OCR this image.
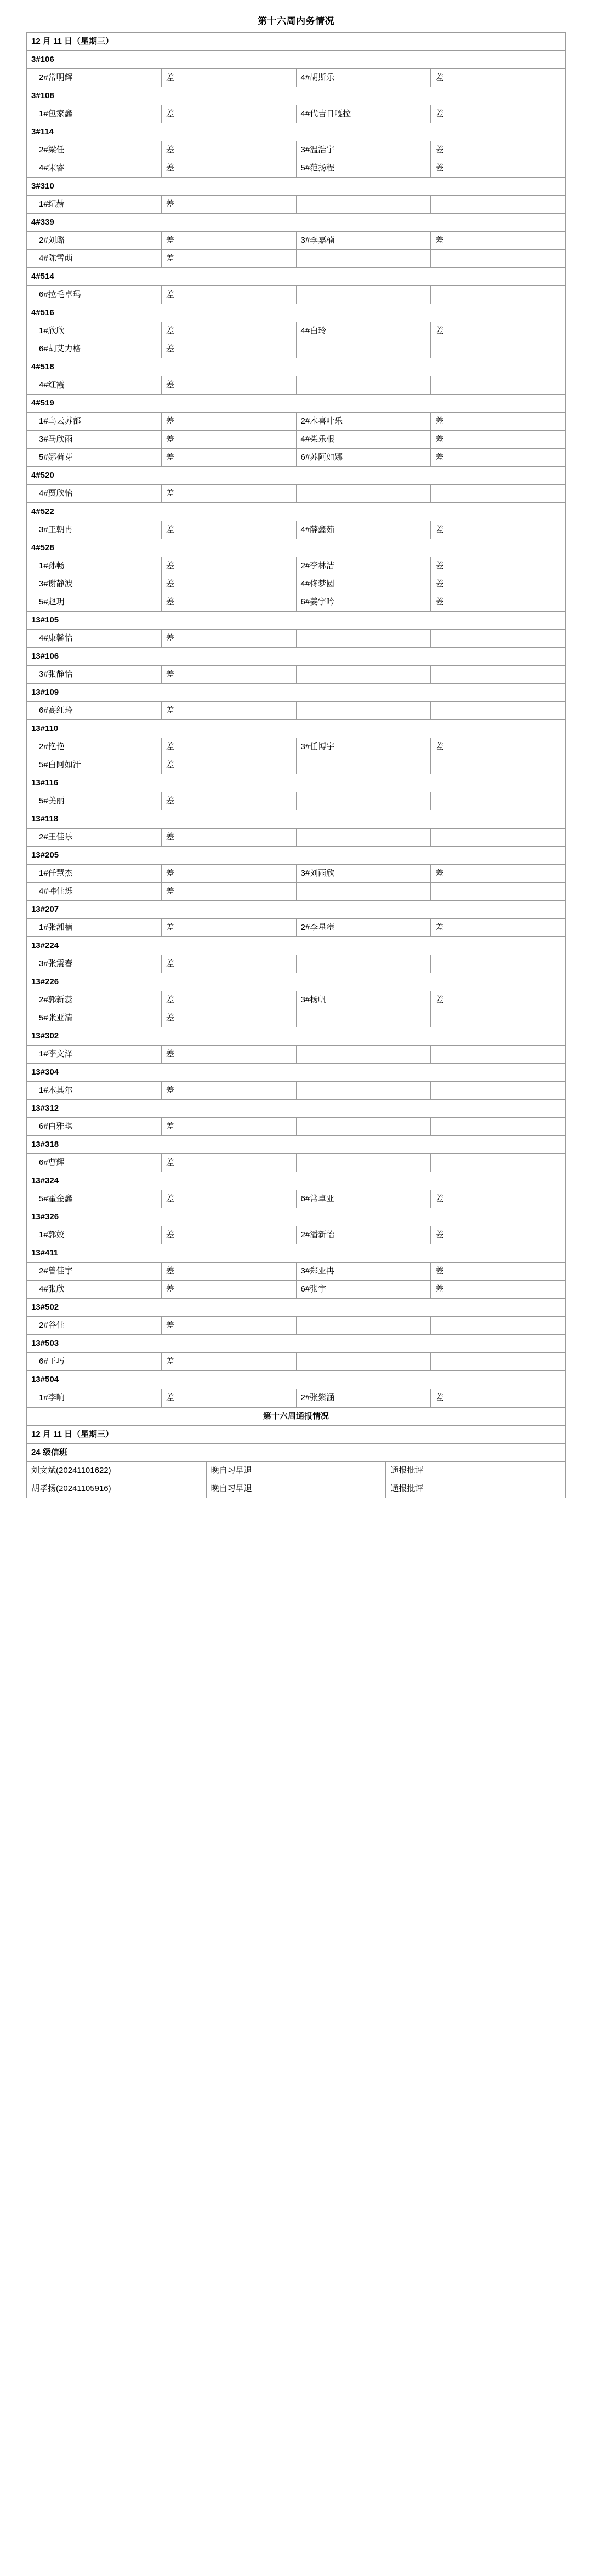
第十六周内务情况
12 月 11 日（星期三）			
3#106			
2#常明辉	差	4#胡斯乐	差
3#108			
1#包家鑫	差	4#代吉日嘎拉	差
3#114			
2#梁任	差	3#温浩宇	差
4#宋睿	差	5#范扬程	差
3#310			
1#纪赫	差		
4#339			
2#刘璐	差	3#李嘉楠	差
4#陈雪萌	差		
4#514			
6#拉毛卓玛	差		
4#516			
1#欣欣	差	4#白玲	差
6#胡艾力格	差		
4#518			
4#红霞	差		
4#519			
1#乌云苏都	差	2#木喜叶乐	差
3#马欣雨	差	4#柴乐根	差
5#娜荷芽	差	6#苏阿如娜	差
4#520			
4#贾欣怡	差		
4#522			
3#王朝冉	差	4#薛鑫茹	差
4#528			
1#孙畅	差	2#李林洁	差
3#谢静波	差	4#佟梦圆	差
5#赵玥	差	6#姜宇吟	差
13#105			
4#康馨怡	差		
13#106			
3#张静怡	差		
13#109			
6#高红玲	差		
13#110			
2#艳艳	差	3#任博宇	差
5#白阿如汗	差		
13#116			
5#美丽	差		
13#118			
2#王佳乐	差		
13#205			
1#任慧杰	差	3#刘雨欣	差
4#韩佳烁	差		
13#207			
1#张湘楠	差	2#李星壅	差
13#224			
3#张震春	差		
13#226			
2#郭新蕊	差	3#杨帆	差
5#张亚清	差		
13#302			
1#李文泽	差		
13#304			
1#木其尔	差		
13#312			
6#白雅琪	差		
13#318			
6#曹辉	差		
13#324			
5#霍金鑫	差	6#常卓亚	差
13#326			
1#郭姣	差	2#潘新怡	差
13#411			
2#曾佳宇	差	3#郑亚冉	差
4#张欣	差	6#张宇	差
13#502			
2#谷佳	差		
13#503			
6#王巧	差		
13#504			
1#李响	差	2#张紫涵	差
第十六周通报情况		
12 月 11 日（星期三）		
24 级信班		
刘文斌(20241101622)	晚自习早退	通报批评
胡孝扬(20241105916)	晚自习早退	通报批评
